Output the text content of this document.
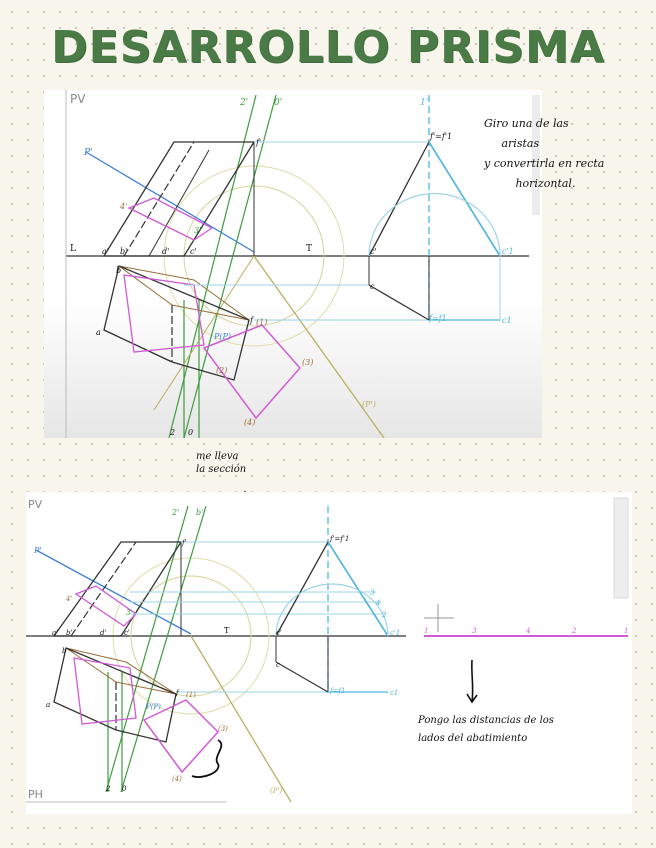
DESARROLLO PRISMA
PV
P'
2'	0'	1'
f'
f'=f'1
4'
3'
L	T
a' b'	d'	c'	c'	c'1
b
c
a
f	f=f1	c1
P(P)
(1)
(3)
(2)
(4)
(P')
2 0
Giro una de las
aristas
y convertirla en recta
horizontal.
me lleva
la sección
PV
PH
P'
2' b'
f'	f'=f'1
3
4
2
4'
3'
a' b'	d'	c'	T	c'	c'1
c
b
a
f
P(P)
(1)
(3)
(4)
f=f1	c1
(P')
2 0
1	3	4	2	1
Pongo las distancias de los
lados del abatimiento
